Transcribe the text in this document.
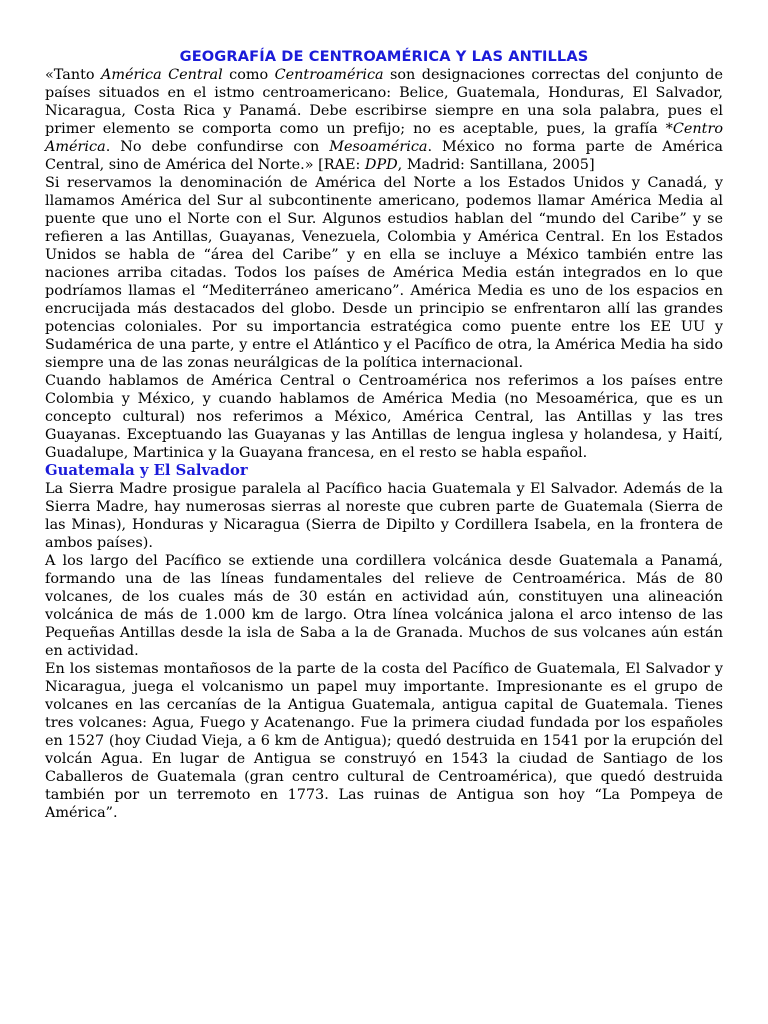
GEOGRAFÍA DE CENTROAMÉRICA Y LAS ANTILLAS

«Tanto América Central como Centroamérica son designaciones correctas del conjunto de países situados en el istmo centroamericano: Belice, Guatemala, Honduras, El Salvador, Nicaragua, Costa Rica y Panamá. Debe escribirse siempre en una sola palabra, pues el primer elemento se comporta como un prefijo; no es aceptable, pues, la grafía *Centro América. No debe confundirse con Mesoamérica. México no forma parte de América Central, sino de América del Norte.» [RAE: DPD, Madrid: Santillana, 2005]

Si reservamos la denominación de América del Norte a los Estados Unidos y Canadá, y llamamos América del Sur al subcontinente americano, podemos llamar América Media al puente que uno el Norte con el Sur. Algunos estudios hablan del “mundo del Caribe” y se refieren a las Antillas, Guayanas, Venezuela, Colombia y América Central. En los Estados Unidos se habla de “área del Caribe” y en ella se incluye a México también entre las naciones arriba citadas. Todos los países de América Media están integrados en lo que podríamos llamas el “Mediterráneo americano”. América Media es uno de los espacios en encrucijada más destacados del globo. Desde un principio se enfrentaron allí las grandes potencias coloniales. Por su importancia estratégica como puente entre los EE UU y Sudamérica de una parte, y entre el Atlántico y el Pacífico de otra, la América Media ha sido siempre una de las zonas neurálgicas de la política internacional.

Cuando hablamos de América Central o Centroamérica nos referimos a los países entre Colombia y México, y cuando hablamos de América Media (no Mesoamérica, que es un concepto cultural) nos referimos a México, América Central, las Antillas y las tres Guayanas. Exceptuando las Guayanas y las Antillas de lengua inglesa y holandesa, y Haití, Guadalupe, Martinica y la Guayana francesa, en el resto se habla español.

Guatemala y El Salvador

La Sierra Madre prosigue paralela al Pacífico hacia Guatemala y El Salvador. Además de la Sierra Madre, hay numerosas sierras al noreste que cubren parte de Guatemala (Sierra de las Minas), Honduras y Nicaragua (Sierra de Dipilto y Cordillera Isabela, en la frontera de ambos países).

A los largo del Pacífico se extiende una cordillera volcánica desde Guatemala a Panamá, formando una de las líneas fundamentales del relieve de Centroamérica. Más de 80 volcanes, de los cuales más de 30 están en actividad aún, constituyen una alineación volcánica de más de 1.000 km de largo. Otra línea volcánica jalona el arco intenso de las Pequeñas Antillas desde la isla de Saba a la de Granada. Muchos de sus volcanes aún están en actividad.

En los sistemas montañosos de la parte de la costa del Pacífico de Guatemala, El Salvador y Nicaragua, juega el volcanismo un papel muy importante. Impresionante es el grupo de volcanes en las cercanías de la Antigua Guatemala, antigua capital de Guatemala. Tienes tres volcanes: Agua, Fuego y Acatenango. Fue la primera ciudad fundada por los españoles en 1527 (hoy Ciudad Vieja, a 6 km de Antigua); quedó destruida en 1541 por la erupción del volcán Agua. En lugar de Antigua se construyó en 1543 la ciudad de Santiago de los Caballeros de Guatemala (gran centro cultural de Centroamérica), que quedó destruida también por un terremoto en 1773. Las ruinas de Antigua son hoy “La Pompeya de América”.
